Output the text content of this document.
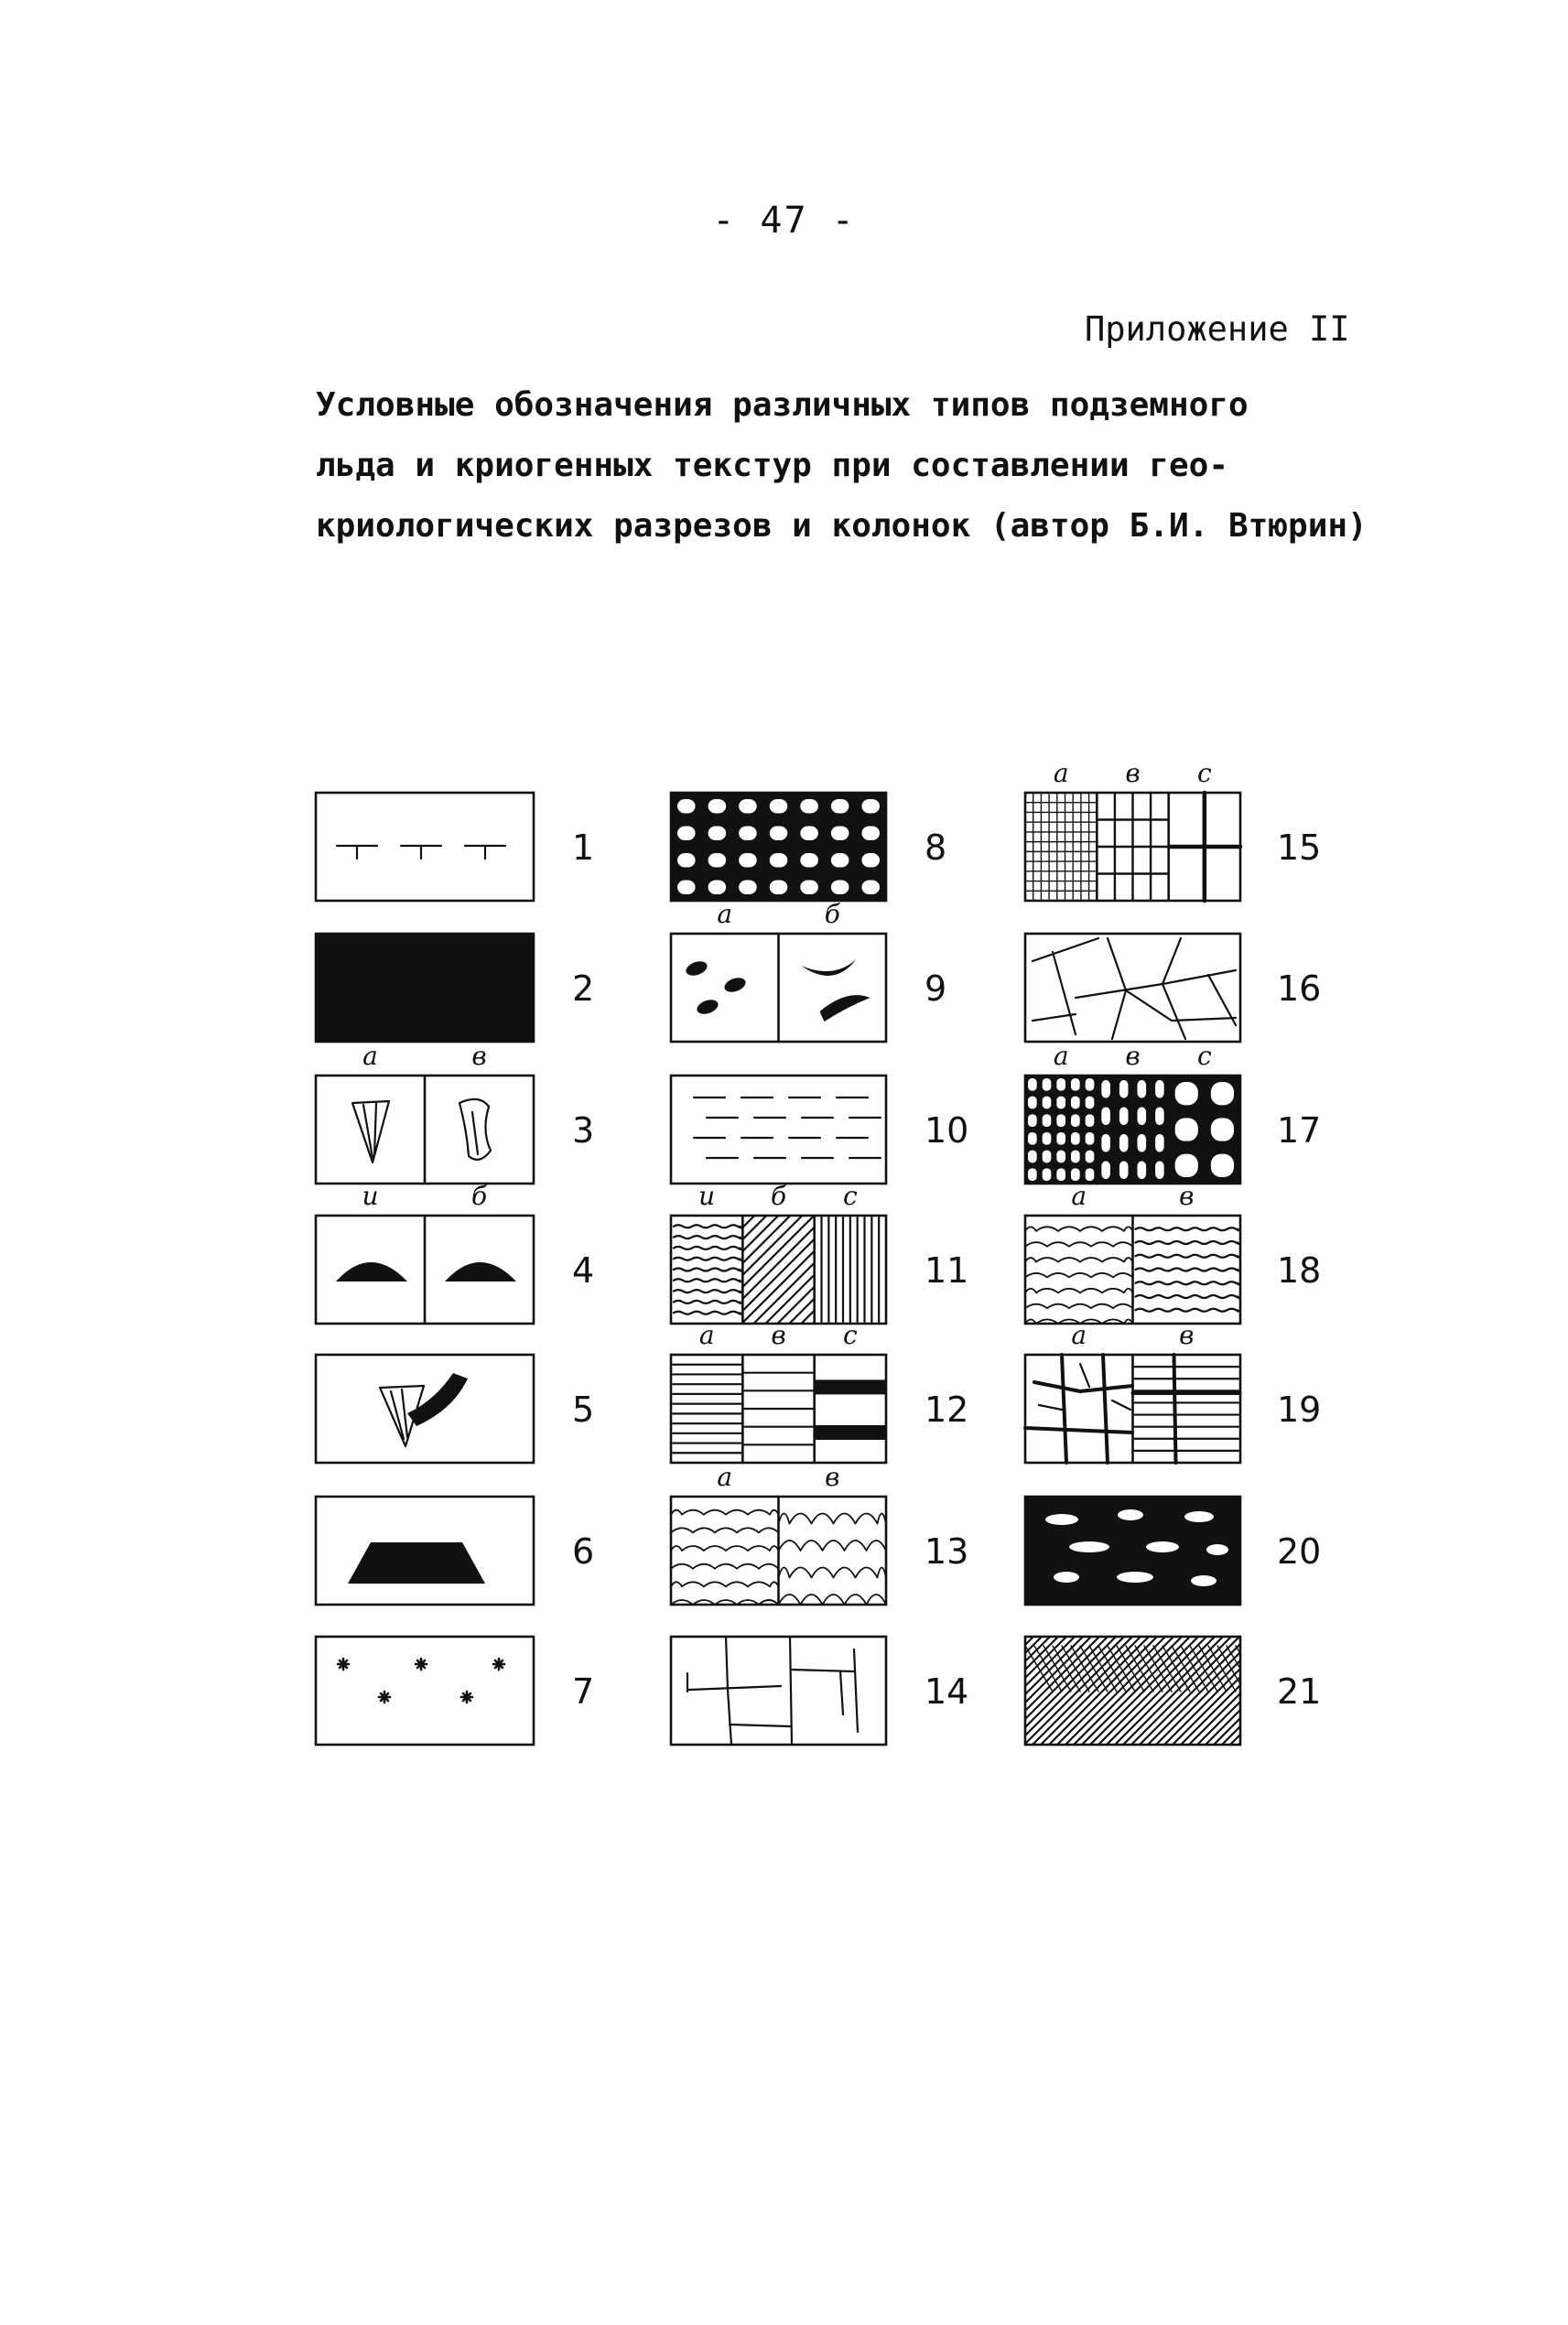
- 47 -
Приложение II
Условные обозначения различных типов подземного
льда и криогенных текстур при составлении гео-
криологических разрезов и колонок (автор Б.И. Втюрин)
1
2
3
а	в
4
и	б
5
6
7
8
9
а	б
10
11
и б с
12
а в с
13
а	в
14
15
а в с
16
17
а в с
18
а	в
19
а	в
20
21
